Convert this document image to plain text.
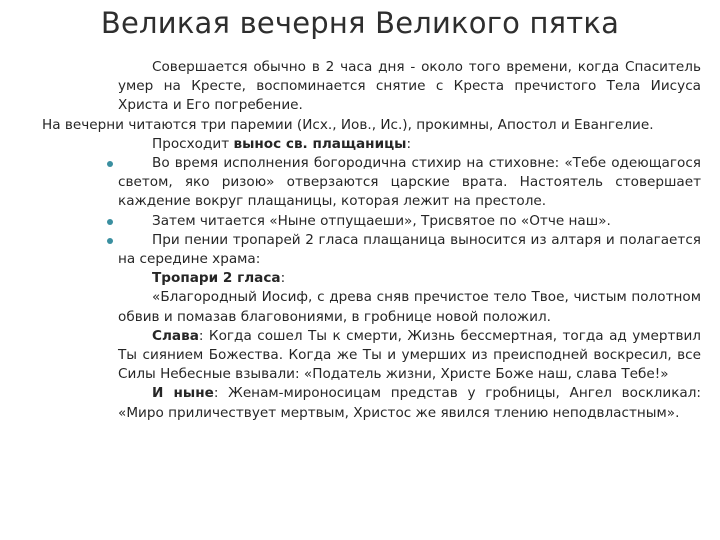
Великая вечерня Великого пятка

Совершается обычно в 2 часа дня - около того времени, когда Спаситель умер на Кресте, воспоминается снятие с Креста пречистого Тела Иисуса Христа и Его погребение.

На вечерни читаются три паремии (Исх., Иов., Ис.), прокимны, Апостол и Евангелие.

Просходит вынос св. плащаницы:

Во время исполнения богородична стихир на стиховне: «Тебе одеющагося светом, яко ризою» отверзаются царские врата. Настоятель стовершает каждение вокруг плащаницы, которая лежит на престоле.
Затем читается «Ныне отпущаеши», Трисвятое по «Отче наш».
При пении тропарей 2 гласа плащаница выносится из алтаря и полагается на середине храма:

Тропари 2 гласа:

«Благородный Иосиф, с древа сняв пречистое тело Твое, чистым полотном обвив и помазав благовониями, в гробнице новой положил.

Слава: Когда сошел Ты к смерти, Жизнь бессмертная, тогда ад умертвил Ты сиянием Божества. Когда же Ты и умерших из преисподней воскресил, все Силы Небесные взывали: «Податель жизни, Христе Боже наш, слава Тебе!»

И ныне: Женам-мироносицам представ у гробницы, Ангел воскликал: «Миро приличествует мертвым, Христос же явился тлению неподвластным».
